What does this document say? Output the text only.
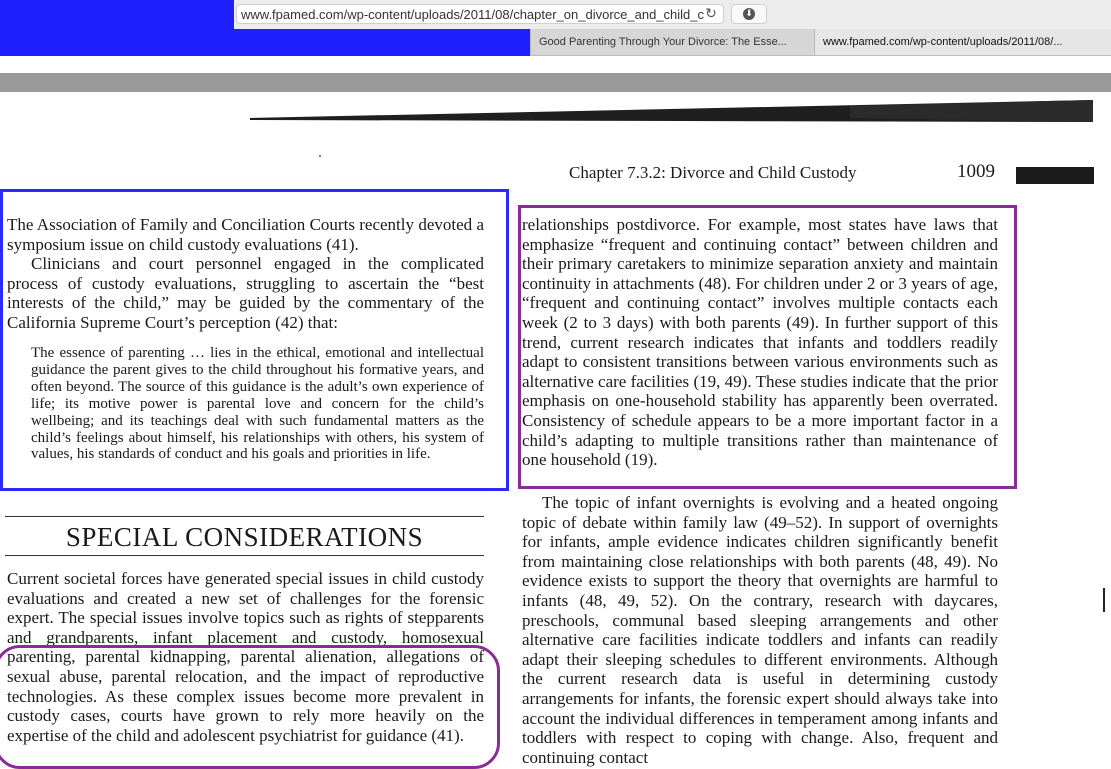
www.fpamed.com/wp-content/uploads/2011/08/chapter_on_divorce_and_child_c ↻	⬇
Good Parenting Through Your Divorce: The Esse...	www.fpamed.com/wp-content/uploads/2011/08/...
Chapter 7.3.2: Divorce and Child Custody	1009

The Association of Family and Conciliation Courts recently devoted a symposium issue on child custody evaluations (41).
Clinicians and court personnel engaged in the complicated process of custody evaluations, struggling to ascertain the “best interests of the child,” may be guided by the commentary of the California Supreme Court’s perception (42) that:

The essence of parenting … lies in the ethical, emotional and intellectual guidance the parent gives to the child throughout his formative years, and often beyond. The source of this guidance is the adult’s own experience of life; its motive power is parental love and concern for the child’s wellbeing; and its teachings deal with such fundamental matters as the child’s feelings about himself, his relationships with others, his system of values, his standards of conduct and his goals and priorities in life.

SPECIAL CONSIDERATIONS

Current societal forces have generated special issues in child custody evaluations and created a new set of challenges for the forensic expert. The special issues involve topics such as rights of stepparents and grandparents, infant placement and custody, homosexual parenting, parental kidnapping, parental alienation, allegations of sexual abuse, parental relocation, and the impact of reproductive technologies. As these complex issues become more prevalent in custody cases, courts have grown to rely more heavily on the expertise of the child and adolescent psychiatrist for guidance (41).

relationships postdivorce. For example, most states have laws that emphasize “frequent and continuing contact” between children and their primary caretakers to minimize separation anxiety and maintain continuity in attachments (48). For children under 2 or 3 years of age, “frequent and continuing contact” involves multiple contacts each week (2 to 3 days) with both parents (49). In further support of this trend, current research indicates that infants and toddlers readily adapt to consistent transitions between various environments such as alternative care facilities (19, 49). These studies indicate that the prior emphasis on one-household stability has apparently been overrated. Consistency of schedule appears to be a more important factor in a child’s adapting to multiple transitions rather than maintenance of one household (19).

The topic of infant overnights is evolving and a heated ongoing topic of debate within family law (49–52). In support of overnights for infants, ample evidence indicates children significantly benefit from maintaining close relationships with both parents (48, 49). No evidence exists to support the theory that overnights are harmful to infants (48, 49, 52). On the contrary, research with daycares, preschools, communal based sleeping arrangements and other alternative care facilities indicate toddlers and infants can readily adapt their sleeping schedules to different environments. Although the current research data is useful in determining custody arrangements for infants, the forensic expert should always take into account the individual differences in temperament among infants and toddlers with respect to coping with change. Also, frequent and continuing contact
